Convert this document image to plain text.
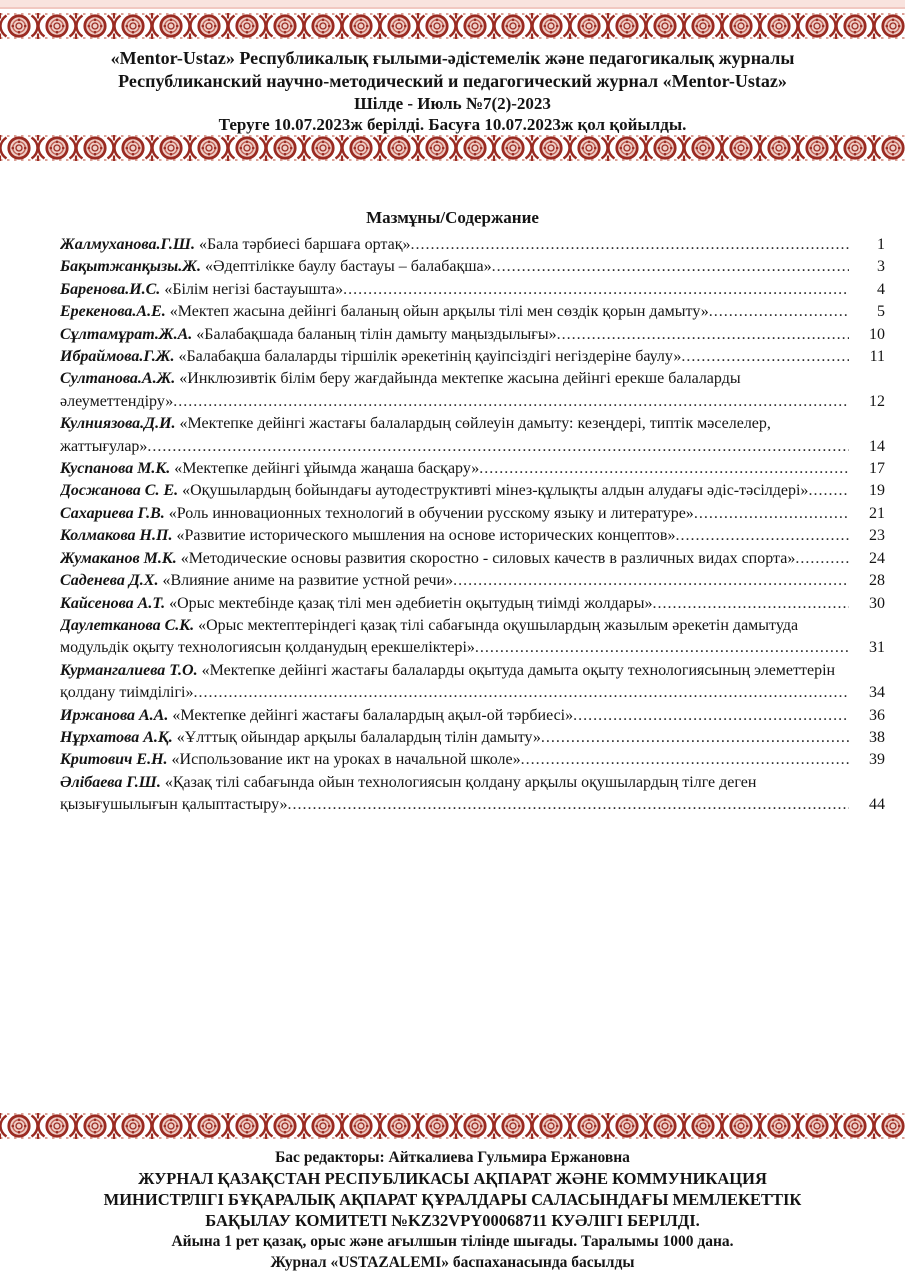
«Mentor-Ustaz» Республикалық ғылыми-әдістемелік және педагогикалық журналы
Республиканский научно-методический и педагогический журнал «Mentor-Ustaz»
Шілде - Июль №7(2)-2023
Теруге 10.07.2023ж берілді. Басуға 10.07.2023ж қол қойылды.
Мазмұны/Содержание
Жалмуханова.Г.Ш. «Бала тәрбиесі баршаға ортақ»	1
Бақытжанқызы.Ж. «Әдептілікке баулу бастауы – балабақша»	3
Баренова.И.С. «Білім негізі бастауышта»	4
Ерекенова.А.Е. «Мектеп жасына дейінгі баланың ойын арқылы тілі мен сөздік қорын дамыту»	5
Сұлтамұрат.Ж.А. «Балабақшада баланың тілін дамыту маңыздылығы»	10
Ибраймова.Г.Ж. «Балабақша балаларды тіршілік әрекетінің қауіпсіздігі негіздеріне баулу»	11
Султанова.А.Ж. «Инклюзивтік білім беру жағдайында мектепке жасына дейінгі ерекше балаларды әлеуметтендіру»	12
Кулниязова.Д.И. «Мектепке дейінгі жастағы балалардың сөйлеуін дамыту: кезеңдері, типтік мәселелер, жаттығулар»	14
Куспанова М.К. «Мектепке дейінгі ұйымда жаңаша басқару»	17
Досжанова С. Е. «Оқушылардың бойындағы аутодеструктивті мінез-құлықты алдын алудағы әдіс-тәсілдері»	19
Сахариева Г.В. «Роль инновационных технологий в обучении русскому языку и литературе»	21
Колмакова Н.П. «Развитие исторического мышления на основе исторических концептов»	23
Жумаканов М.К. «Методические основы развития скоростно - силовых качеств в различных видах спорта»	24
Саденева Д.Х. «Влияние аниме на развитие устной речи»	28
Кайсенова А.Т. «Орыс мектебінде қазақ тілі мен әдебиетін оқытудың тиімді жолдары»	30
Даулетканова С.К. «Орыс мектептеріндегі қазақ тілі сабағында оқушылардың жазылым әрекетін дамытуда модульдік оқыту технологиясын қолданудың ерекшеліктері»	31
Курмангалиева Т.О. «Мектепке дейінгі жастағы балаларды оқытуда дамыта оқыту технологиясының элеметтерін қолдану тиімділігі»	34
Иржанова А.А. «Мектепке дейінгі жастағы балалардың ақыл-ой тәрбиесі»	36
Нұрхатова А.Қ. «Ұлттық ойындар арқылы балалардың тілін дамыту»	38
Критович Е.Н. «Использование икт на уроках в начальной школе»	39
Әлібаева Г.Ш. «Қазақ тілі сабағында ойын технологиясын қолдану арқылы оқушылардың тілге деген қызығушылығын қалыптастыру»	44
Бас редакторы: Айткалиева Гульмира Ержановна
ЖУРНАЛ ҚАЗАҚСТАН РЕСПУБЛИКАСЫ АҚПАРАТ ЖӘНЕ КОММУНИКАЦИЯ
МИНИСТРЛІГІ БҰҚАРАЛЫҚ АҚПАРАТ ҚҰРАЛДАРЫ САЛАСЫНДАҒЫ МЕМЛЕКЕТТІК
БАҚЫЛАУ КОМИТЕТІ №KZ32VPY00068711 КУӘЛІГІ БЕРІЛДІ.
Айына 1 рет қазақ, орыс және ағылшын тілінде шығады. Таралымы 1000 дана.
Журнал «USTAZALEMI» баспаханасында басылды
